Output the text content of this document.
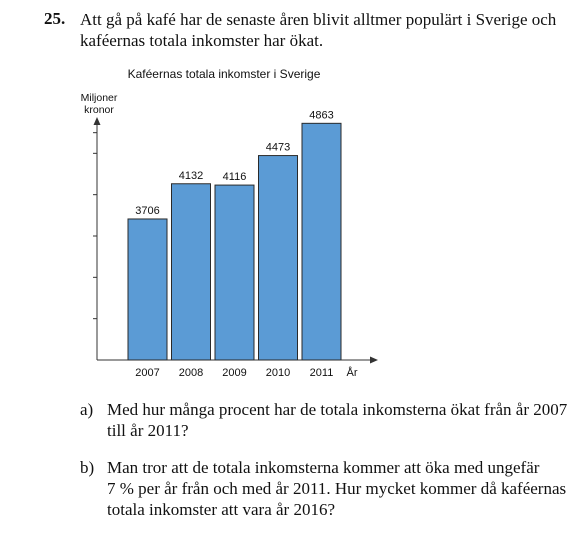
25. Att gå på kafé har de senaste åren blivit alltmer populärt i Sverige och
kaféernas totala inkomster har ökat.
Kaféernas totala inkomster i Sverige
Miljoner
kronor
3706
2007
4132
2008
4116
2009
4473
2010
4863
2011 År
a) Med hur många procent har de totala inkomsterna ökat från år 2007
till år 2011?
b) Man tror att de totala inkomsterna kommer att öka med ungefär
7 % per år från och med år 2011. Hur mycket kommer då kaféernas
totala inkomster att vara år 2016?
